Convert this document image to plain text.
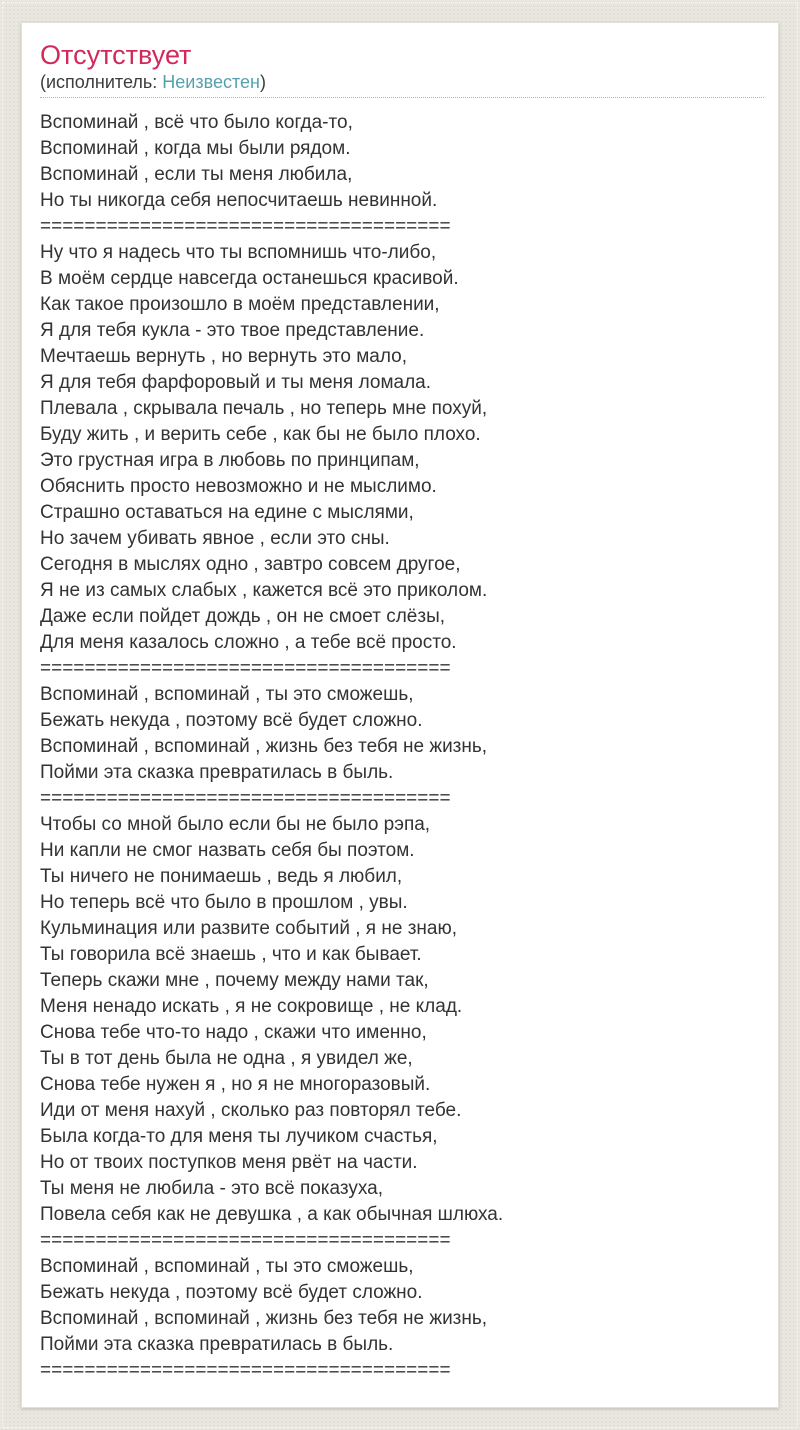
Отсутствует
(исполнитель: Неизвестен)
Вспоминай , всё что было когда-то,
Вспоминай , когда мы были рядом.
Вспоминай , если ты меня любила,
Но ты никогда себя непосчитаешь невинной.
=====================================
Ну что я надесь что ты вспомнишь что-либо,
В моём сердце навсегда останешься красивой.
Как такое произошло в моём представлении,
Я для тебя кукла - это твое представление.
Мечтаешь вернуть , но вернуть это мало,
Я для тебя фарфоровый и ты меня ломала.
Плевала , скрывала печаль , но теперь мне похуй,
Буду жить , и верить себе , как бы не было плохо.
Это грустная игра в любовь по принципам,
Обяснить просто невозможно и не мыслимо.
Страшно оставаться на едине с мыслями,
Но зачем убивать явное , если это сны.
Сегодня в мыслях одно , завтро совсем другое,
Я не из самых слабых , кажется всё это приколом.
Даже если пойдет дождь , он не смоет слёзы,
Для меня казалось сложно , а тебе всё просто.
=====================================
Вспоминай , вспоминай , ты это сможешь,
Бежать некуда , поэтому всё будет сложно.
Вспоминай , вспоминай , жизнь без тебя не жизнь,
Пойми эта сказка превратилась в быль.
=====================================
Чтобы со мной было если бы не было рэпа,
Ни капли не смог назвать себя бы поэтом.
Ты ничего не понимаешь , ведь я любил,
Но теперь всё что было в прошлом , увы.
Кульминация или развите событий , я не знаю,
Ты говорила всё знаешь , что и как бывает.
Теперь скажи мне , почему между нами так,
Меня ненадо искать , я не сокровище , не клад.
Снова тебе что-то надо , скажи что именно,
Ты в тот день была не одна , я увидел же,
Снова тебе нужен я , но я не многоразовый.
Иди от меня нахуй , сколько раз повторял тебе.
Была когда-то для меня ты лучиком счастья,
Но от твоих поступков меня рвёт на части.
Ты меня не любила - это всё показуха,
Повела себя как не девушка , а как обычная шлюха.
=====================================
Вспоминай , вспоминай , ты это сможешь,
Бежать некуда , поэтому всё будет сложно.
Вспоминай , вспоминай , жизнь без тебя не жизнь,
Пойми эта сказка превратилась в быль.
=====================================
